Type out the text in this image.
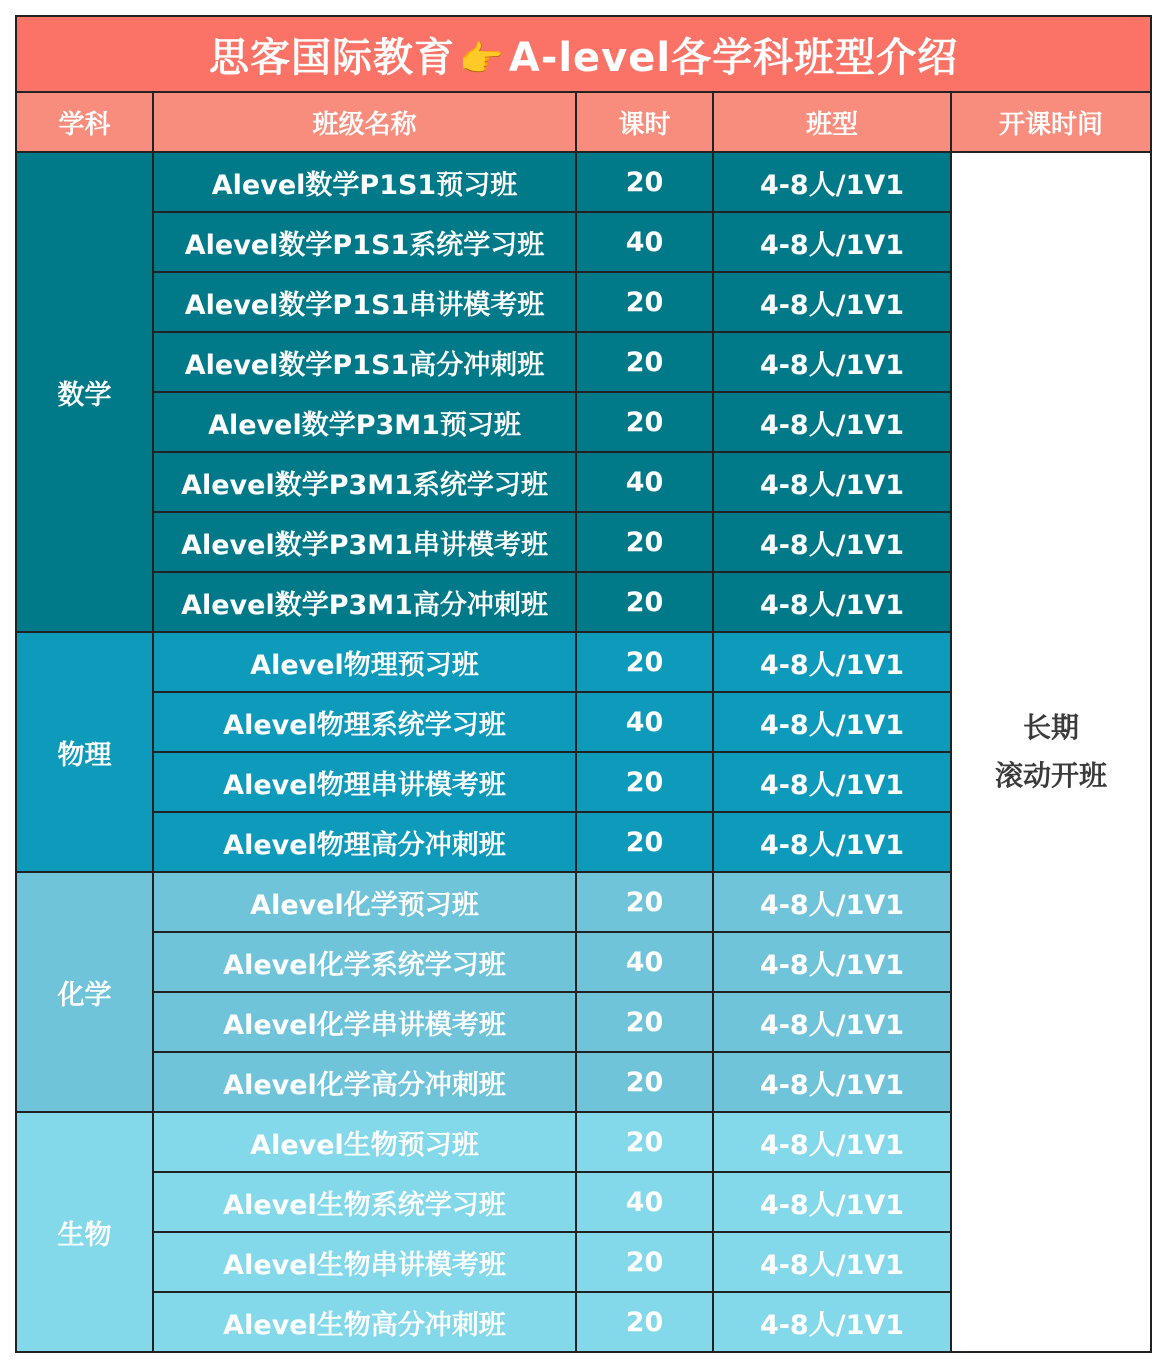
思客国际教育 👉 A-level各学科班型介绍				
学科	班级名称	课时	班型	开课时间
数学	Alevel数学P1S1预习班	20	4-8人/1V1	长期
滚动开班

	Alevel数学P1S1系统学习班	40	4-8人/1V1	
	Alevel数学P1S1串讲模考班	20	4-8人/1V1	
	Alevel数学P1S1高分冲刺班	20	4-8人/1V1	
	Alevel数学P3M1预习班	20	4-8人/1V1	
	Alevel数学P3M1系统学习班	40	4-8人/1V1	
	Alevel数学P3M1串讲模考班	20	4-8人/1V1	
	Alevel数学P3M1高分冲刺班	20	4-8人/1V1	
物理	Alevel物理预习班	20	4-8人/1V1	
	Alevel物理系统学习班	40	4-8人/1V1	
	Alevel物理串讲模考班	20	4-8人/1V1	
	Alevel物理高分冲刺班	20	4-8人/1V1	
化学	Alevel化学预习班	20	4-8人/1V1	
	Alevel化学系统学习班	40	4-8人/1V1	
	Alevel化学串讲模考班	20	4-8人/1V1	
	Alevel化学高分冲刺班	20	4-8人/1V1	
生物	Alevel生物预习班	20	4-8人/1V1	
	Alevel生物系统学习班	40	4-8人/1V1	
	Alevel生物串讲模考班	20	4-8人/1V1	
	Alevel生物高分冲刺班	20	4-8人/1V1	
